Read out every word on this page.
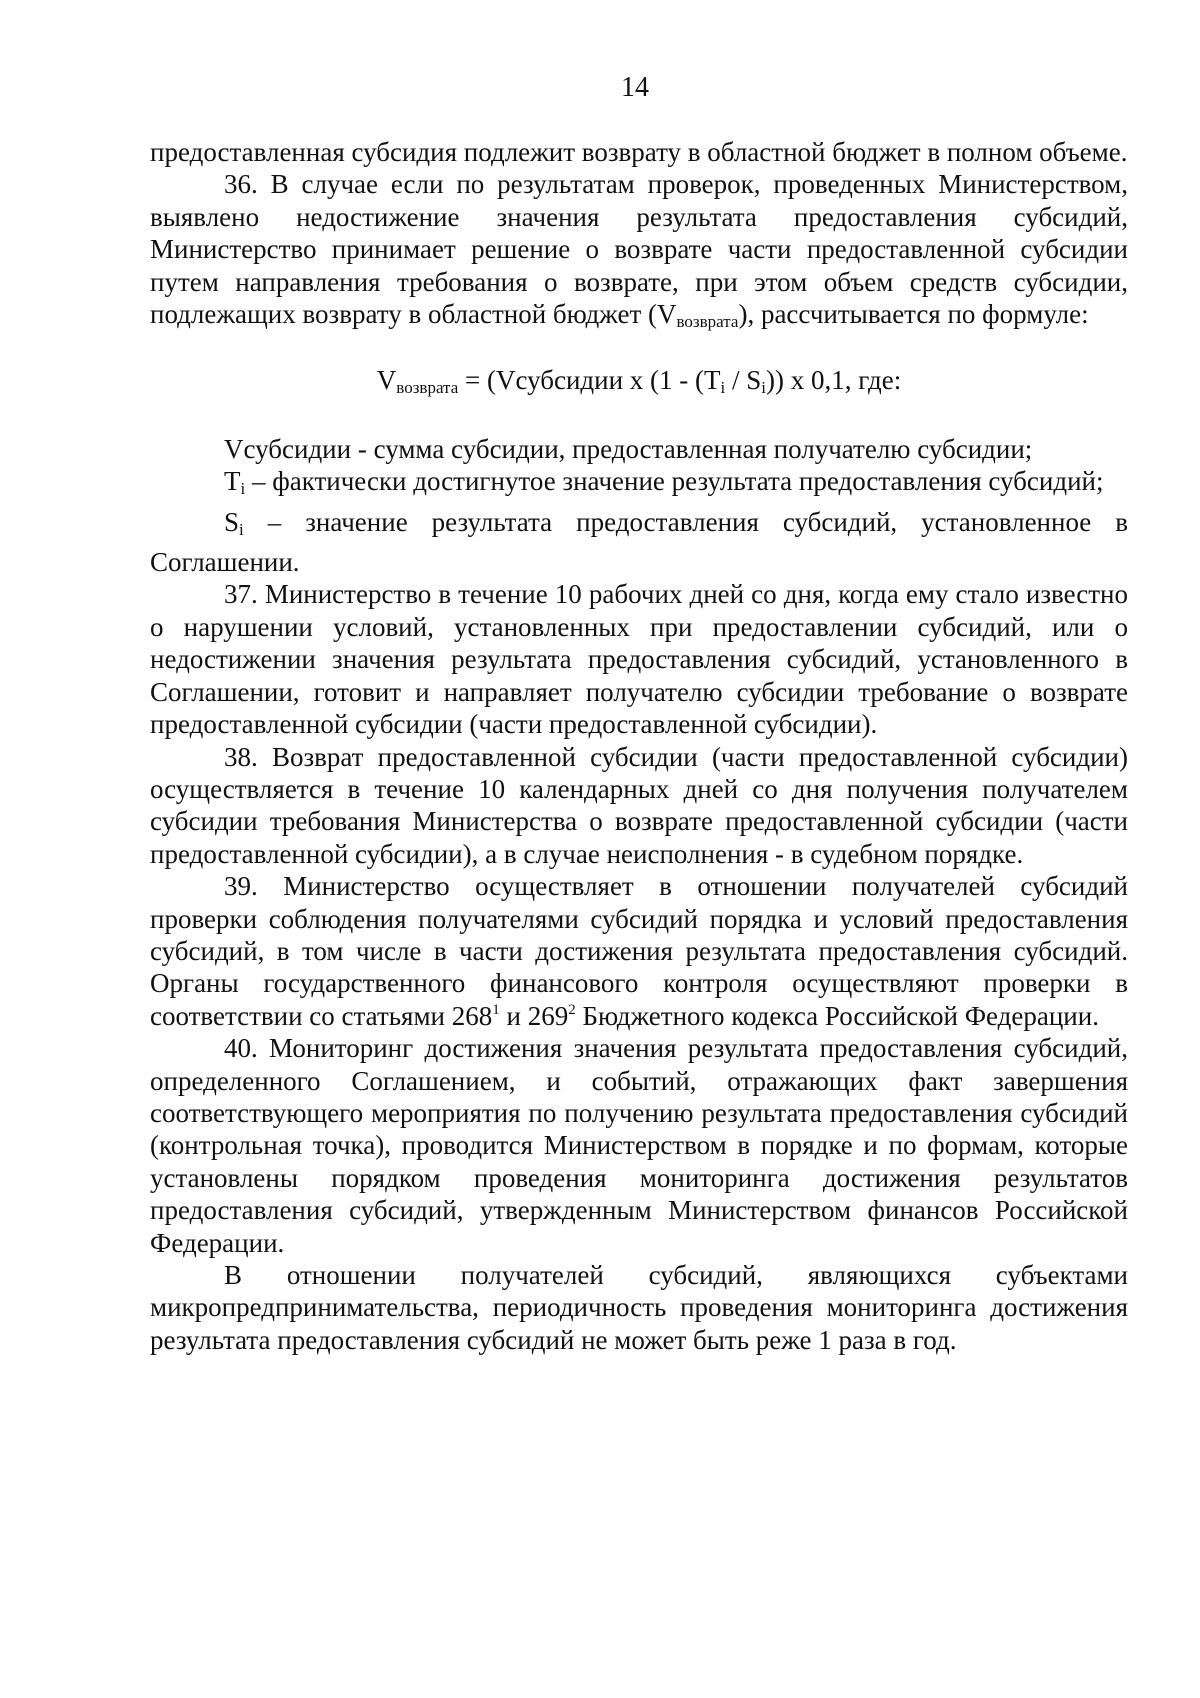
14

предоставленная субсидия подлежит возврату в областной бюджет в полном объеме.

36. В случае если по результатам проверок, проведенных Министерством, выявлено недостижение значения результата предоставления субсидий, Министерство принимает решение о возврате части предоставленной субсидии путем направления требования о возврате, при этом объем средств субсидии, подлежащих возврату в областной бюджет (Vвозврата), рассчитывается по формуле:

Vвозврата = (Vсубсидии х (1 - (Ti / Si)) x 0,1, где:

Vсубсидии - сумма субсидии, предоставленная получателю субсидии;

Ti – фактически достигнутое значение результата предоставления субсидий;

Si – значение результата предоставления субсидий, установленное в Соглашении.

37. Министерство в течение 10 рабочих дней со дня, когда ему стало известно о нарушении условий, установленных при предоставлении субсидий, или о недостижении значения результата предоставления субсидий, установленного в Соглашении, готовит и направляет получателю субсидии требование о возврате предоставленной субсидии (части предоставленной субсидии).

38. Возврат предоставленной субсидии (части предоставленной субсидии) осуществляется в течение 10 календарных дней со дня получения получателем субсидии требования Министерства о возврате предоставленной субсидии (части предоставленной субсидии), а в случае неисполнения - в судебном порядке.

39. Министерство осуществляет в отношении получателей субсидий проверки соблюдения получателями субсидий порядка и условий предоставления субсидий, в том числе в части достижения результата предоставления субсидий. Органы государственного финансового контроля осуществляют проверки в соответствии со статьями $268^1$ и $269^2$ Бюджетного кодекса Российской Федерации.

40. Мониторинг достижения значения результата предоставления субсидий, определенного Соглашением, и событий, отражающих факт завершения соответствующего мероприятия по получению результата предоставления субсидий (контрольная точка), проводится Министерством в порядке и по формам, которые установлены порядком проведения мониторинга достижения результатов предоставления субсидий, утвержденным Министерством финансов Российской Федерации.

В отношении получателей субсидий, являющихся субъектами микропредпринимательства, периодичность проведения мониторинга достижения результата предоставления субсидий не может быть реже 1 раза в год.
